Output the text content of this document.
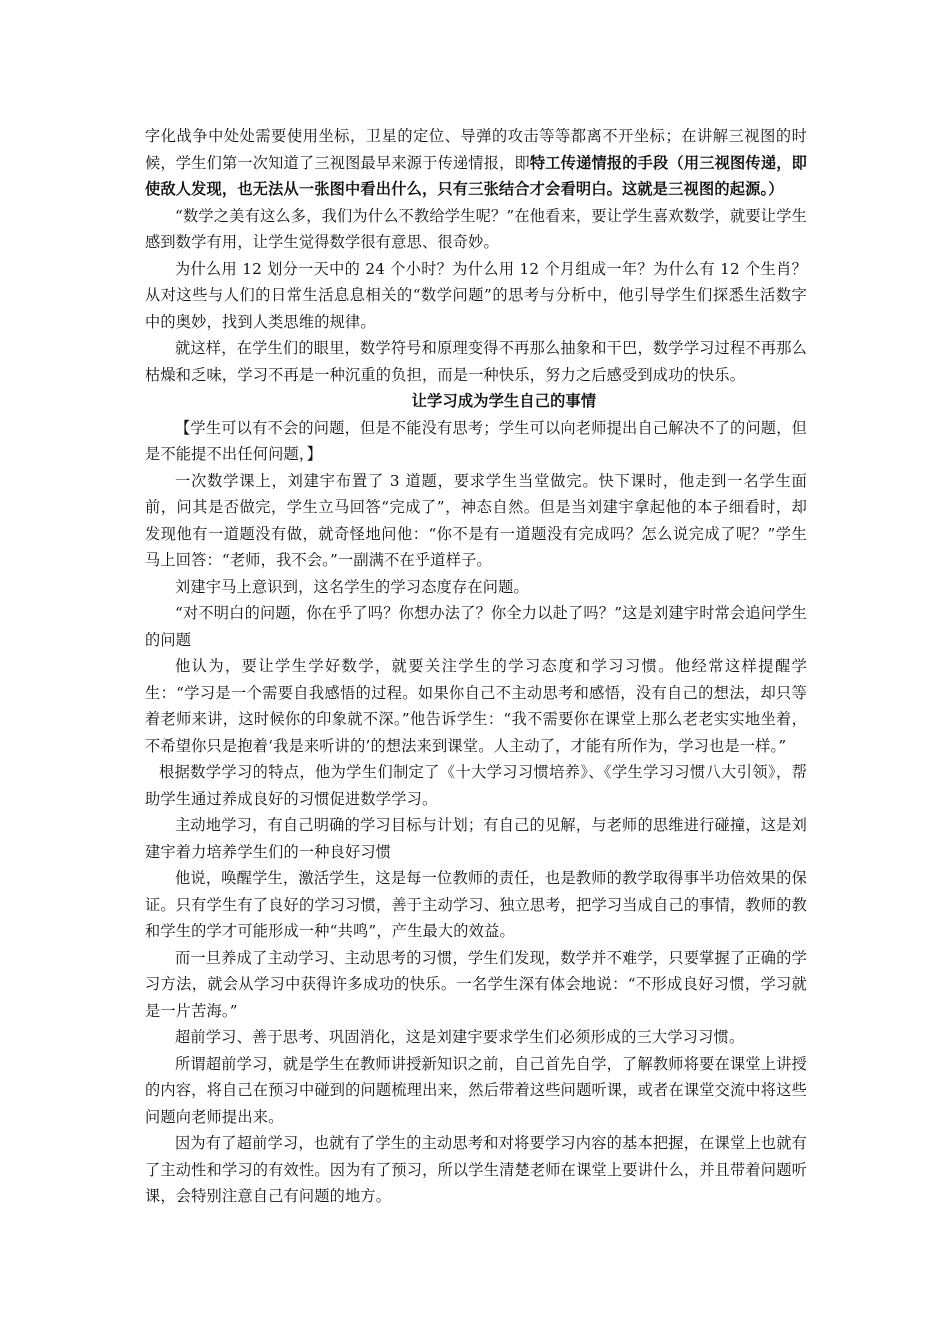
字化战争中处处需要使用坐标，卫星的定位、导弹的攻击等等都离不开坐标；在讲解三视图的时候，学生们第一次知道了三视图最早来源于传递情报，即特工传递情报的手段（用三视图传递，即使敌人发现，也无法从一张图中看出什么，只有三张结合才会看明白。这就是三视图的起源。）

“数学之美有这么多，我们为什么不教给学生呢？”在他看来，要让学生喜欢数学，就要让学生感到数学有用，让学生觉得数学很有意思、很奇妙。

为什么用 12 划分一天中的 24 个小时？为什么用 12 个月组成一年？为什么有 12 个生肖？从对这些与人们的日常生活息息相关的“数学问题”的思考与分析中，他引导学生们探悉生活数字中的奥妙，找到人类思维的规律。

就这样，在学生们的眼里，数学符号和原理变得不再那么抽象和干巴，数学学习过程不再那么枯燥和乏味，学习不再是一种沉重的负担，而是一种快乐，努力之后感受到成功的快乐。

让学习成为学生自己的事情

【学生可以有不会的问题，但是不能没有思考；学生可以向老师提出自己解决不了的问题，但是不能提不出任何问题，】

一次数学课上，刘建宇布置了 3 道题，要求学生当堂做完。快下课时，他走到一名学生面前，问其是否做完，学生立马回答“完成了”，神态自然。但是当刘建宇拿起他的本子细看时，却发现他有一道题没有做，就奇怪地问他：“你不是有一道题没有完成吗？怎么说完成了呢？”学生马上回答：“老师，我不会。”一副满不在乎道样子。

刘建宇马上意识到，这名学生的学习态度存在问题。

“对不明白的问题，你在乎了吗？你想办法了？你全力以赴了吗？”这是刘建宇时常会追问学生的问题

他认为，要让学生学好数学，就要关注学生的学习态度和学习习惯。他经常这样提醒学生：“学习是一个需要自我感悟的过程。如果你自己不主动思考和感悟，没有自己的想法，却只等着老师来讲，这时候你的印象就不深。”他告诉学生：“我不需要你在课堂上那么老老实实地坐着，不希望你只是抱着‘我是来听讲的’的想法来到课堂。人主动了，才能有所作为，学习也是一样。”

根据数学学习的特点，他为学生们制定了《十大学习习惯培养》、《学生学习习惯八大引领》，帮助学生通过养成良好的习惯促进数学学习。

主动地学习，有自己明确的学习目标与计划；有自己的见解，与老师的思维进行碰撞，这是刘建宇着力培养学生们的一种良好习惯

他说，唤醒学生，激活学生，这是每一位教师的责任，也是教师的教学取得事半功倍效果的保证。只有学生有了良好的学习习惯，善于主动学习、独立思考，把学习当成自己的事情，教师的教和学生的学才可能形成一种“共鸣”，产生最大的效益。

而一旦养成了主动学习、主动思考的习惯，学生们发现，数学并不难学，只要掌握了正确的学习方法，就会从学习中获得许多成功的快乐。一名学生深有体会地说：“不形成良好习惯，学习就是一片苦海。”

超前学习、善于思考、巩固消化，这是刘建宇要求学生们必须形成的三大学习习惯。

所谓超前学习，就是学生在教师讲授新知识之前，自己首先自学，了解教师将要在课堂上讲授的内容，将自己在预习中碰到的问题梳理出来，然后带着这些问题听课，或者在课堂交流中将这些问题向老师提出来。

因为有了超前学习，也就有了学生的主动思考和对将要学习内容的基本把握，在课堂上也就有了主动性和学习的有效性。因为有了预习，所以学生清楚老师在课堂上要讲什么，并且带着问题听课，会特别注意自己有问题的地方。
